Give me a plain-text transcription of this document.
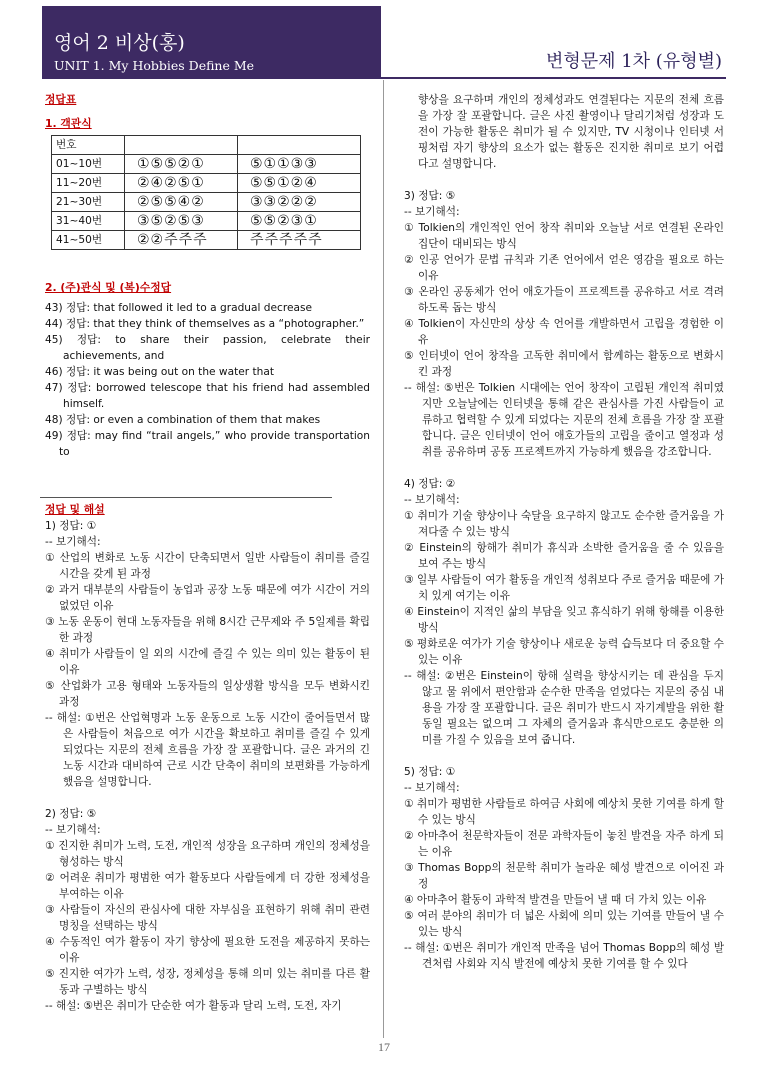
영어 2 비상(홍)
UNIT 1. My Hobbies Define Me	변형문제 1차 (유형별)
정답표
1. 객관식
번호		
01~10번	①⑤⑤②①	⑤①①③③
11~20번	②④②⑤①	⑤⑤①②④
21~30번	②⑤⑤④②	③③②②②
31~40번	③⑤②⑤③	⑤⑤②③①
41~50번	②②주주주	주주주주주
2. (주)관식 및 (복)수정답

43) 정답: that followed it led to a gradual decrease

44) 정답: that they think of themselves as a “photographer.”

45) 정답: to share their passion, celebrate their achievements, and

46) 정답: it was being out on the water that

47) 정답: borrowed telescope that his friend had assembled himself.

48) 정답: or even a combination of them that makes

49) 정답: may find “trail angels,” who provide transportation to

정답 및 해설

1) 정답: ①

-- 보기해석:

① 산업의 변화로 노동 시간이 단축되면서 일반 사람들이 취미를 즐길 시간을 갖게 된 과정

② 과거 대부분의 사람들이 농업과 공장 노동 때문에 여가 시간이 거의 없었던 이유

③ 노동 운동이 현대 노동자들을 위해 8시간 근무제와 주 5일제를 확립한 과정

④ 취미가 사람들이 일 외의 시간에 즐길 수 있는 의미 있는 활동이 된 이유

⑤ 산업화가 고용 형태와 노동자들의 일상생활 방식을 모두 변화시킨 과정

-- 해설: ①번은 산업혁명과 노동 운동으로 노동 시간이 줄어들면서 많은 사람들이 처음으로 여가 시간을 확보하고 취미를 즐길 수 있게 되었다는 지문의 전체 흐름을 가장 잘 포괄합니다. 글은 과거의 긴 노동 시간과 대비하여 근로 시간 단축이 취미의 보편화를 가능하게 했음을 설명합니다.

2) 정답: ⑤

-- 보기해석:

① 진지한 취미가 노력, 도전, 개인적 성장을 요구하며 개인의 정체성을 형성하는 방식

② 어려운 취미가 평범한 여가 활동보다 사람들에게 더 강한 정체성을 부여하는 이유

③ 사람들이 자신의 관심사에 대한 자부심을 표현하기 위해 취미 관련 명칭을 선택하는 방식

④ 수동적인 여가 활동이 자기 향상에 필요한 도전을 제공하지 못하는 이유

⑤ 진지한 여가가 노력, 성장, 정체성을 통해 의미 있는 취미를 다른 활동과 구별하는 방식

-- 해설: ⑤번은 취미가 단순한 여가 활동과 달리 노력, 도전, 자기

향상을 요구하며 개인의 정체성과도 연결된다는 지문의 전체 흐름을 가장 잘 포괄합니다. 글은 사진 촬영이나 달리기처럼 성장과 도전이 가능한 활동은 취미가 될 수 있지만, TV 시청이나 인터넷 서핑처럼 자기 향상의 요소가 없는 활동은 진지한 취미로 보기 어렵다고 설명합니다.

3) 정답: ⑤

-- 보기해석:

① Tolkien의 개인적인 언어 창작 취미와 오늘날 서로 연결된 온라인 집단이 대비되는 방식

② 인공 언어가 문법 규칙과 기존 언어에서 얻은 영감을 필요로 하는 이유

③ 온라인 공동체가 언어 애호가들이 프로젝트를 공유하고 서로 격려하도록 돕는 방식

④ Tolkien이 자신만의 상상 속 언어를 개발하면서 고립을 경험한 이유

⑤ 인터넷이 언어 창작을 고독한 취미에서 함께하는 활동으로 변화시킨 과정

-- 해설: ⑤번은 Tolkien 시대에는 언어 창작이 고립된 개인적 취미였지만 오늘날에는 인터넷을 통해 같은 관심사를 가진 사람들이 교류하고 협력할 수 있게 되었다는 지문의 전체 흐름을 가장 잘 포괄합니다. 글은 인터넷이 언어 애호가들의 고립을 줄이고 열정과 성취를 공유하며 공동 프로젝트까지 가능하게 했음을 강조합니다.

4) 정답: ②

-- 보기해석:

① 취미가 기술 향상이나 숙달을 요구하지 않고도 순수한 즐거움을 가져다줄 수 있는 방식

② Einstein의 항해가 취미가 휴식과 소박한 즐거움을 줄 수 있음을 보여 주는 방식

③ 일부 사람들이 여가 활동을 개인적 성취보다 주로 즐거움 때문에 가치 있게 여기는 이유

④ Einstein이 지적인 삶의 부담을 잊고 휴식하기 위해 항해를 이용한 방식

⑤ 평화로운 여가가 기술 향상이나 새로운 능력 습득보다 더 중요할 수 있는 이유

-- 해설: ②번은 Einstein이 항해 실력을 향상시키는 데 관심을 두지 않고 물 위에서 편안함과 순수한 만족을 얻었다는 지문의 중심 내용을 가장 잘 포괄합니다. 글은 취미가 반드시 자기계발을 위한 활동일 필요는 없으며 그 자체의 즐거움과 휴식만으로도 충분한 의미를 가질 수 있음을 보여 줍니다.

5) 정답: ①

-- 보기해석:

① 취미가 평범한 사람들로 하여금 사회에 예상치 못한 기여를 하게 할 수 있는 방식

② 아마추어 천문학자들이 전문 과학자들이 놓친 발견을 자주 하게 되는 이유

③ Thomas Bopp의 천문학 취미가 놀라운 혜성 발견으로 이어진 과정

④ 아마추어 활동이 과학적 발견을 만들어 낼 때 더 가치 있는 이유

⑤ 여러 분야의 취미가 더 넓은 사회에 의미 있는 기여를 만들어 낼 수 있는 방식

-- 해설: ①번은 취미가 개인적 만족을 넘어 Thomas Bopp의 혜성 발견처럼 사회와 지식 발전에 예상치 못한 기여를 할 수 있다

17
